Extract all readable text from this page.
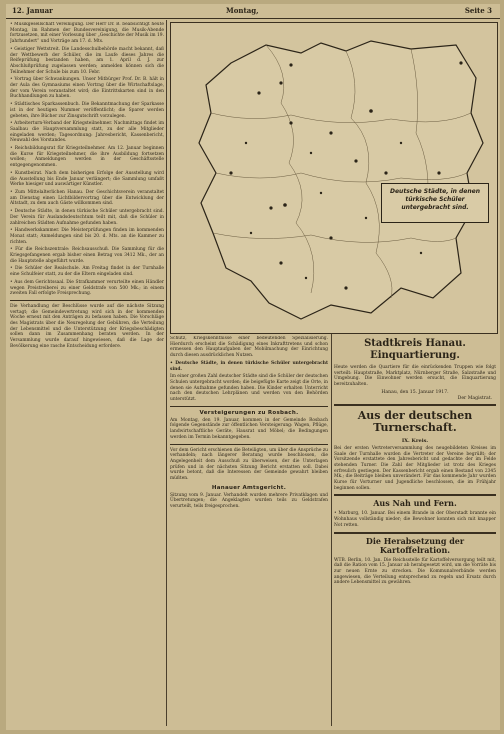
12. Januar	Montag,	Seite 3

• Musikgesellschaft Vereinigung. Der Herr Dr. B. beabsichtigt heute Montag, im Rahmen der Bundesvereinigung, die Musik-Abende fortzusetzen, mit einer Vorlesung über „Geschichte der Musik im 19. Jahrhundert“ und Vorträge am 17. d. Mts.

• Geistiger Wettstreit. Die Landesschulbehörde macht bekannt, daß der Wettbewerb der Schüler, die im Laufe dieses Jahres die Reifeprüfung bestanden haben, am 1. April d. J. zur Abschlußprüfung zugelassen werden; anmelden können sich die Teilnehmer der Schule bis zum 10. Febr.

• Vortrag über Schwankungen. Unser Mitbürger Prof. Dr. B. hält in der Aula des Gymnasiums einen Vortrag über die Wirtschaftslage, der vom Verein veranstaltet wird; die Eintrittskarten sind in den Buchhandlungen zu haben.

• Städtisches Sparkassenbuch. Die Bekanntmachung der Sparkasse ist in der heutigen Nummer veröffentlicht; die Sparer werden gebeten, ihre Bücher zur Zinsgutschrift vorzulegen.

• Arbeiterturn-Verband der Kriegsteilnehmer. Nachmittags findet im Saalbau die Hauptversammlung statt, zu der alle Mitglieder eingeladen werden; Tagesordnung: Jahresbericht, Kassenbericht, Neuwahl des Vorstandes.

• Reichsbildungsrat für Kriegsteilnehmer. Am 12. Januar beginnen die Kurse für Kriegsteilnehmer, die ihre Ausbildung fortsetzen wollen; Anmeldungen werden in der Geschäftsstelle entgegengenommen.

• Kunstbeirat. Nach dem bisherigen Erfolge der Ausstellung wird die Ausstellung bis Ende Januar verlängert; die Sammlung umfaßt Werke hiesiger und auswärtiger Künstler.

• Zum Mittelalterlichen Hanau. Der Geschichtsverein veranstaltet am Dienstag einen Lichtbildervortrag über die Entwicklung der Altstadt, zu dem auch Gäste willkommen sind.

• Deutsche Städte, in denen türkische Schüler untergebracht sind. Der Verein für Auslandsdeutschtum teilt mit, daß die Schüler in zahlreichen Städten Aufnahme gefunden haben.

• Handwerkskammer. Die Meisterprüfungen finden im kommenden Monat statt; Anmeldungen sind bis 20. d. Mts. an die Kammer zu richten.

• Für die Reichszentrale: Reichsausschuß. Die Sammlung für die Kriegsgefangenen ergab bisher einen Betrag von 3412 Mk., der an die Hauptstelle abgeführt wurde.

• Die Schüler der Realschule. Am Freitag findet in der Turnhalle eine Schulfeier statt, zu der die Eltern eingeladen sind.

• Aus dem Gerichtssaal. Die Strafkammer verurteilte einen Händler wegen Preistreiberei zu einer Geldstrafe von 500 Mk.; in einem zweiten Fall erfolgte Freisprechung.

Die Verhandlung der Beschlüsse wurde auf die nächste Sitzung vertagt; die Gemeindevertretung wird sich in der kommenden Woche erneut mit den Anträgen zu befassen haben. Die Vorschläge des Magistrats über die Neuregelung der Gebühren, die Verteilung der Lebensmittel und die Unterstützung der Kriegsbeschädigten sollen dann im Zusammenhang beraten werden. In der Versammlung wurde darauf hingewiesen, daß die Lage der Bevölkerung eine rasche Entscheidung erfordere.

Deutsche Städte, in denen türkische Schüler untergebracht sind.

Schutz, Kriegskenntnisse einer bedeutenden Spezialisierung. Hierdurch erscheint die Schädigung eines Inkrafttretens und schon ermessen den Hauptaufgaben der Mobilmachung der Einrichtung durch diesen ausdrücklichen Nutzen.

• Deutsche Städte, in denen türkische Schüler untergebracht sind.

Im einer großen Zahl deutscher Städte sind die Schüler der deutschen Schulen untergebracht worden; die beigefügte Karte zeigt die Orte, in denen sie Aufnahme gefunden haben. Die Kinder erhalten Unterricht nach den deutschen Lehrplänen und werden von den Behörden unterstützt.

Versteigerungen zu Rosbach.

Am Montag, den 19. Januar, kommen in der Gemeinde Rosbach folgende Gegenstände zur öffentlichen Versteigerung: Wagen, Pflüge, landwirtschaftliche Geräte, Hausrat und Möbel; die Bedingungen werden im Termin bekanntgegeben.

Vor dem Gericht erschienen die Beteiligten, um über die Ansprüche zu verhandeln; nach längerer Beratung wurde beschlossen, die Angelegenheit dem Ausschuß zu überweisen, der die Unterlagen prüfen und in der nächsten Sitzung Bericht erstatten soll. Dabei wurde betont, daß die Interessen der Gemeinde gewahrt bleiben müßten.

Hanauer Amtsgericht.

Sitzung vom 9. Januar. Verhandelt wurden mehrere Privatklagen und Übertretungen; die Angeklagten wurden teils zu Geldstrafen verurteilt, teils freigesprochen.

Stadtkreis Hanau.
Einquartierung.

Heute werden die Quartiere für die einrückenden Truppen wie folgt verteilt: Hauptstraße, Marktplatz, Nürnberger Straße, Salzstraße und Umgebung. Die Einwohner werden ersucht, die Einquartierung bereitzuhalten.

Hanau, den 15. Januar 1917.
Der Magistrat.
Aus der deutschen Turnerschaft.
IX. Kreis.

Bei der ersten Vertreterversammlung des neugebildeten Kreises im Saale der Turnhalle wurden die Vertreter der Vereine begrüßt; der Vorsitzende erstattete den Jahresbericht und gedachte der im Felde stehenden Turner. Die Zahl der Mitglieder ist trotz des Krieges erfreulich gestiegen. Der Kassenbericht ergab einen Bestand von 2345 Mk.; die Beiträge bleiben unverändert. Für das kommende Jahr wurden Kurse für Vorturner und Jugendliche beschlossen, die im Frühjahr beginnen sollen.

Aus Nah und Fern.

• Marburg, 10. Januar. Bei einem Brande in der Oberstadt brannte ein Wohnhaus vollständig nieder; die Bewohner konnten sich mit knapper Not retten.

Die Herabsetzung der Kartoffelration.

WTB. Berlin, 10. Jan. Die Reichsstelle für Kartoffelversorgung teilt mit, daß die Ration vom 15. Januar ab herabgesetzt wird, um die Vorräte bis zur neuen Ernte zu strecken. Die Kommunalverbände werden angewiesen, die Verteilung entsprechend zu regeln und Ersatz durch andere Lebensmittel zu gewähren.
